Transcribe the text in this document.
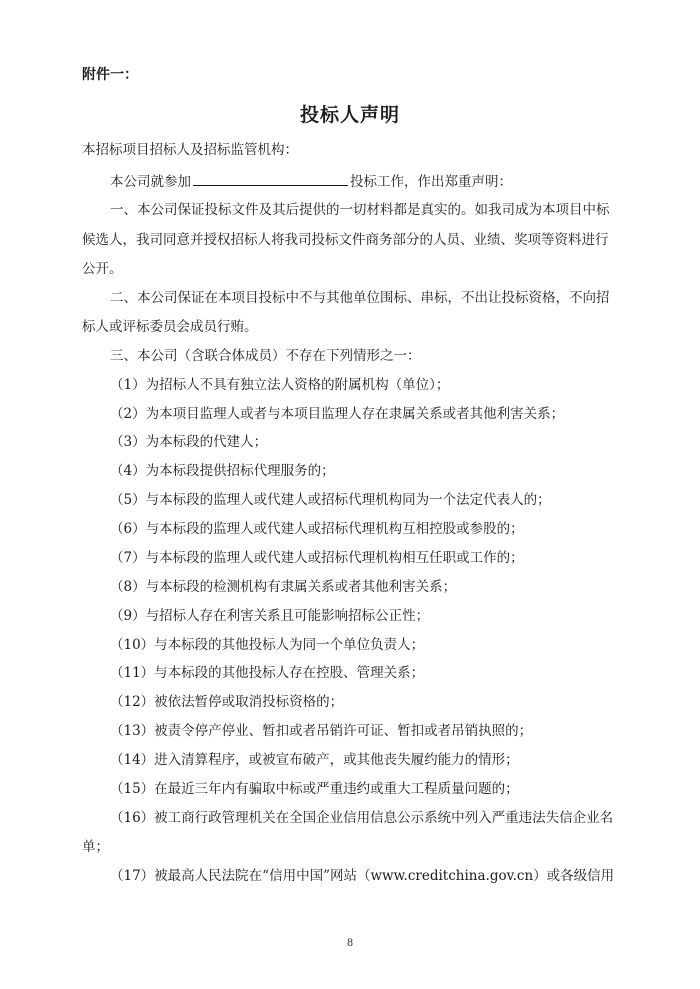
附件一：
投标人声明
本招标项目招标人及招标监管机构：
本公司就参加	投标工作，作出郑重声明：
一、本公司保证投标文件及其后提供的一切材料都是真实的。如我司成为本项目中标
候选人，我司同意并授权招标人将我司投标文件商务部分的人员、业绩、奖项等资料进行
公开。
二、本公司保证在本项目投标中不与其他单位围标、串标，不出让投标资格，不向招
标人或评标委员会成员行贿。
三、本公司（含联合体成员）不存在下列情形之一：
（1）为招标人不具有独立法人资格的附属机构（单位）；
（2）为本项目监理人或者与本项目监理人存在隶属关系或者其他利害关系；
（3）为本标段的代建人；
（4）为本标段提供招标代理服务的；
（5）与本标段的监理人或代建人或招标代理机构同为一个法定代表人的；
（6）与本标段的监理人或代建人或招标代理机构互相控股或参股的；
（7）与本标段的监理人或代建人或招标代理机构相互任职或工作的；
（8）与本标段的检测机构有隶属关系或者其他利害关系；
（9）与招标人存在利害关系且可能影响招标公正性；
（10）与本标段的其他投标人为同一个单位负责人；
（11）与本标段的其他投标人存在控股、管理关系；
（12）被依法暂停或取消投标资格的；
（13）被责令停产停业、暂扣或者吊销许可证、暂扣或者吊销执照的；
（14）进入清算程序，或被宣布破产，或其他丧失履约能力的情形；
（15）在最近三年内有骗取中标或严重违约或重大工程质量问题的；
（16）被工商行政管理机关在全国企业信用信息公示系统中列入严重违法失信企业名
单；
（17）被最高人民法院在“信用中国”网站（www.creditchina.gov.cn）或各级信用
8
